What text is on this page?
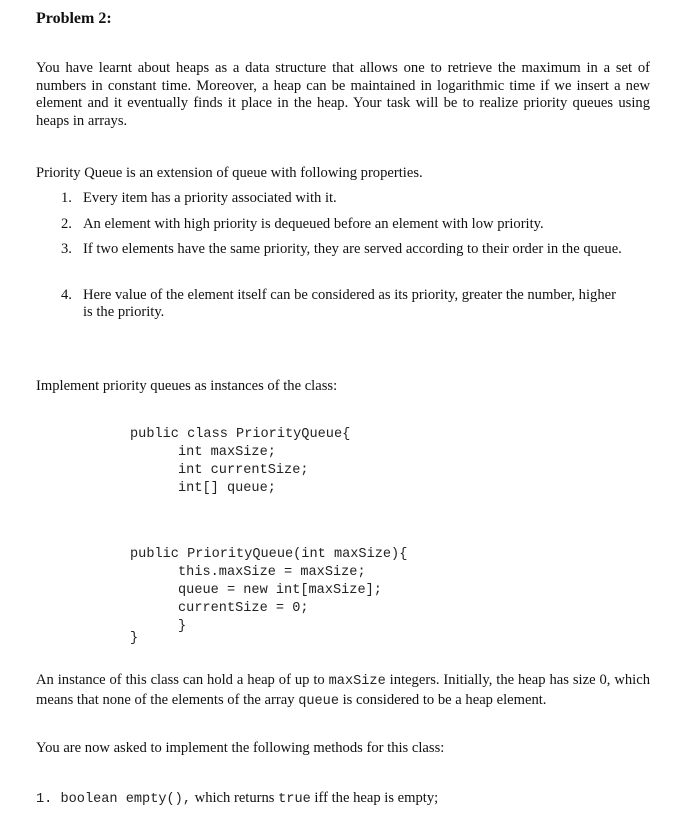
Problem 2:

You have learnt about heaps as a data structure that allows one to retrieve the maximum in a set of numbers in constant time. Moreover, a heap can be maintained in logarithmic time if we insert a new element and it eventually finds it place in the heap. Your task will be to realize priority queues using heaps in arrays.

Priority Queue is an extension of queue with following properties.
1. Every item has a priority associated with it.
2. An element with high priority is dequeued before an element with low priority.
3. If two elements have the same priority, they are served according to their order in the queue.
4. Here value of the element itself can be considered as its priority, greater the number, higher is the priority.
Implement priority queues as instances of the class:
public class PriorityQueue{
int maxSize;
int currentSize;
int[] queue;
public PriorityQueue(int maxSize){
this.maxSize = maxSize;
queue = new int[maxSize];
currentSize = 0;
}
}

An instance of this class can hold a heap of up to maxSize integers. Initially, the heap has size 0, which means that none of the elements of the array queue is considered to be a heap element.

You are now asked to implement the following methods for this class:
1. boolean empty(), which returns true iff the heap is empty;
